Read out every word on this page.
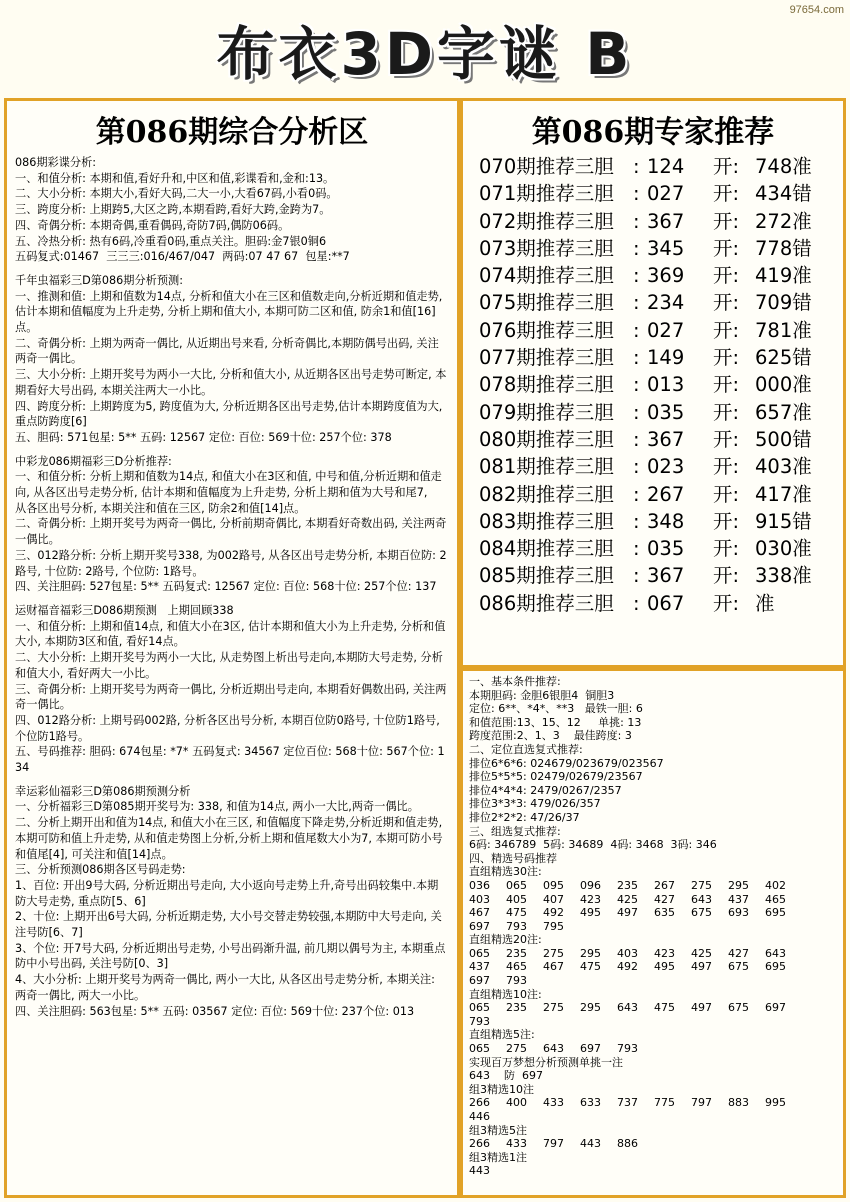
97654.com
布衣3D字谜 B
第086期综合分析区
086期彩谍分析:
一、和值分析: 本期和值,看好升和,中区和值,彩谍看和,金和:13。
二、大小分析: 本期大小,看好大码,二大一小,大看67码,小看0码。
三、跨度分析: 上期跨5,大区之跨,本期看跨,看好大跨,金跨为7。
四、奇偶分析: 本期奇偶,重看偶码,奇防7码,偶防06码。
五、冷热分析: 热有6码,冷重看0码,重点关注。胆码:金7银0铜6
五码复式:01467  三三三:016/467/047  两码:07 47 67  包星:**7
千年虫福彩三D第086期分析预测:
一、推测和值: 上期和值数为14点, 分析和值大小在三区和值数走向,分析近期和值走势, 估计本期和值幅度为上升走势, 分析上期和值大小, 本期可防二区和值, 防余1和值[16]点。
二、奇偶分析: 上期为两奇一偶比, 从近期出号来看, 分析奇偶比,本期防偶号出码, 关注两奇一偶比。
三、大小分析: 上期开奖号为两小一大比, 分析和值大小, 从近期各区出号走势可断定, 本期看好大号出码, 本期关注两大一小比。
四、跨度分析: 上期跨度为5, 跨度值为大, 分析近期各区出号走势,估计本期跨度值为大, 重点防跨度[6]
五、胆码: 571包星: 5** 五码: 12567 定位: 百位: 569十位: 257个位: 378
中彩龙086期福彩三D分析推荐:
一、和值分析: 分析上期和值数为14点, 和值大小在3区和值, 中号和值,分析近期和值走向, 从各区出号走势分析, 估计本期和值幅度为上升走势, 分析上期和值为大号和尾7,
从各区出号分析, 本期关注和值在三区, 防余2和值[14]点。
二、奇偶分析: 上期开奖号为两奇一偶比, 分析前期奇偶比, 本期看好奇数出码, 关注两奇一偶比。
三、012路分析: 分析上期开奖号338, 为002路号, 从各区出号走势分析, 本期百位防: 2路号, 十位防: 2路号, 个位防: 1路号。
四、关注胆码: 527包星: 5** 五码复式: 12567 定位: 百位: 568十位: 257个位: 137
运财福音福彩三D086期预测   上期回顾338
一、和值分析: 上期和值14点, 和值大小在3区, 估计本期和值大小为上升走势, 分析和值大小, 本期防3区和值, 看好14点。
二、大小分析: 上期开奖号为两小一大比, 从走势图上析出号走向,本期防大号走势, 分析和值大小, 看好两大一小比。
三、奇偶分析: 上期开奖号为两奇一偶比, 分析近期出号走向, 本期看好偶数出码, 关注两奇一偶比。
四、012路分析: 上期号码002路, 分析各区出号分析, 本期百位防0路号, 十位防1路号, 个位防1路号。
五、号码推荐: 胆码: 674包星: *7* 五码复式: 34567 定位百位: 568十位: 567个位: 134
幸运彩仙福彩三D第086期预测分析
一、分析福彩三D第085期开奖号为: 338, 和值为14点, 两小一大比,两奇一偶比。
二、分析上期开出和值为14点, 和值大小在三区, 和值幅度下降走势,分析近期和值走势, 本期可防和值上升走势, 从和值走势图上分析,分析上期和值尾数大小为7, 本期可防小号和值尾[4], 可关注和值[14]点。
三、分析预测086期各区号码走势:
1、百位: 开出9号大码, 分析近期出号走向, 大小返向号走势上升,奇号出码较集中.本期防大号走势, 重点防[5、6]
2、十位: 上期开出6号大码, 分析近期走势, 大小号交替走势较强,本期防中大号走向, 关注号防[6、7]
3、个位: 开7号大码, 分析近期出号走势, 小号出码渐升温, 前几期以偶号为主, 本期重点防中小号出码, 关注号防[0、3]
4、大小分析: 上期开奖号为两奇一偶比, 两小一大比, 从各区出号走势分析, 本期关注: 两奇一偶比, 两大一小比。
四、关注胆码: 563包星: 5** 五码: 03567 定位: 百位: 569十位: 237个位: 013
第086期专家推荐
070期推荐三胆 : 124	开: 748准
071期推荐三胆 : 027	开: 434错
072期推荐三胆 : 367	开: 272准
073期推荐三胆 : 345	开: 778错
074期推荐三胆 : 369	开: 419准
075期推荐三胆 : 234	开: 709错
076期推荐三胆 : 027	开: 781准
077期推荐三胆 : 149	开: 625错
078期推荐三胆 : 013	开: 000准
079期推荐三胆 : 035	开: 657准
080期推荐三胆 : 367	开: 500错
081期推荐三胆 : 023	开: 403准
082期推荐三胆 : 267	开: 417准
083期推荐三胆 : 348	开: 915错
084期推荐三胆 : 035	开: 030准
085期推荐三胆 : 367	开: 338准
086期推荐三胆 : 067	开: 准
一、基本条件推荐:
本期胆码: 金胆6银胆4  铜胆3
定位: 6**、*4*、**3   最铁一胆: 6
和值范围:13、15、12     单挑: 13
跨度范围:2、1、3    最佳跨度: 3
二、定位直选复式推荐:
排位6*6*6: 024679/023679/023567
排位5*5*5: 02479/02679/23567
排位4*4*4: 2479/0267/2357
排位3*3*3: 479/026/357
排位2*2*2: 47/26/37
三、组选复式推荐:
6码: 346789  5码: 34689  4码: 3468  3码: 346
四、精选号码推荐
直组精选30注:
036	065	095	096	235	267	275	295	402
403	405	407	423	425	427	643	437	465
467	475	492	495	497	635	675	693	695
697	793	795
直组精选20注:
065	235	275	295	403	423	425	427	643
437	465	467	475	492	495	497	675	695
697	793
直组精选10注:
065	235	275	295	643	475	497	675	697
793
直组精选5注:
065	275	643	697	793
实现百万梦想分析预测单挑一注
643    防  697
组3精选10注
266	400	433	633	737	775	797	883	995
446
组3精选5注
266	433	797	443	886
组3精选1注
443
